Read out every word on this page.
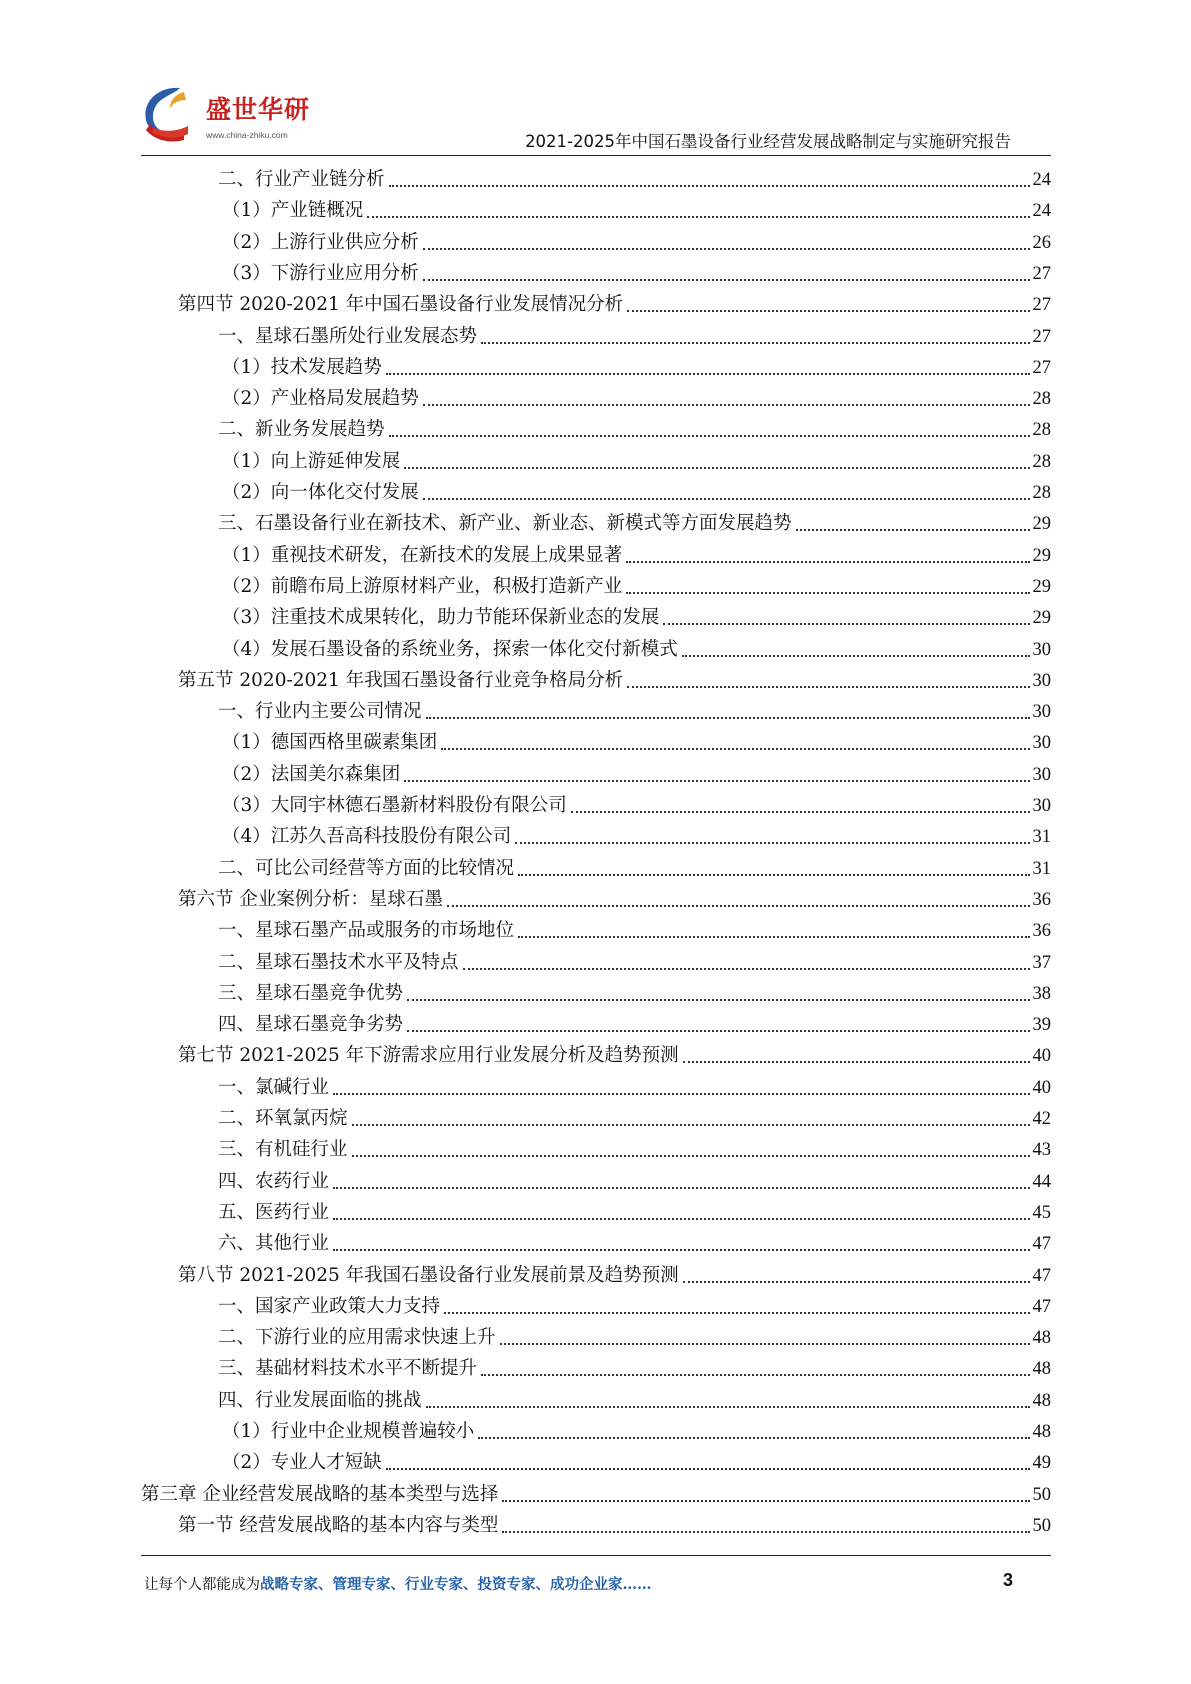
盛世华研
www.china-zhiku.com	2021-2025年中国石墨设备行业经营发展战略制定与实施研究报告
二、行业产业链分析	24
（1）产业链概况	24
（2）上游行业供应分析	26
（3）下游行业应用分析	27
第四节 2020-2021 年中国石墨设备行业发展情况分析	27
一、星球石墨所处行业发展态势	27
（1）技术发展趋势	27
（2）产业格局发展趋势	28
二、新业务发展趋势	28
（1）向上游延伸发展	28
（2）向一体化交付发展	28
三、石墨设备行业在新技术、新产业、新业态、新模式等方面发展趋势	29
（1）重视技术研发，在新技术的发展上成果显著	29
（2）前瞻布局上游原材料产业，积极打造新产业	29
（3）注重技术成果转化，助力节能环保新业态的发展	29
（4）发展石墨设备的系统业务，探索一体化交付新模式	30
第五节 2020-2021 年我国石墨设备行业竞争格局分析	30
一、行业内主要公司情况	30
（1）德国西格里碳素集团	30
（2）法国美尔森集团	30
（3）大同宇林德石墨新材料股份有限公司	30
（4）江苏久吾高科技股份有限公司	31
二、可比公司经营等方面的比较情况	31
第六节 企业案例分析：星球石墨	36
一、星球石墨产品或服务的市场地位	36
二、星球石墨技术水平及特点	37
三、星球石墨竞争优势	38
四、星球石墨竞争劣势	39
第七节 2021-2025 年下游需求应用行业发展分析及趋势预测	40
一、氯碱行业	40
二、环氧氯丙烷	42
三、有机硅行业	43
四、农药行业	44
五、医药行业	45
六、其他行业	47
第八节 2021-2025 年我国石墨设备行业发展前景及趋势预测	47
一、国家产业政策大力支持	47
二、下游行业的应用需求快速上升	48
三、基础材料技术水平不断提升	48
四、行业发展面临的挑战	48
（1）行业中企业规模普遍较小	48
（2）专业人才短缺	49
第三章 企业经营发展战略的基本类型与选择	50
第一节 经营发展战略的基本内容与类型	50
让每个人都能成为战略专家、管理专家、行业专家、投资专家、成功企业家……	3
